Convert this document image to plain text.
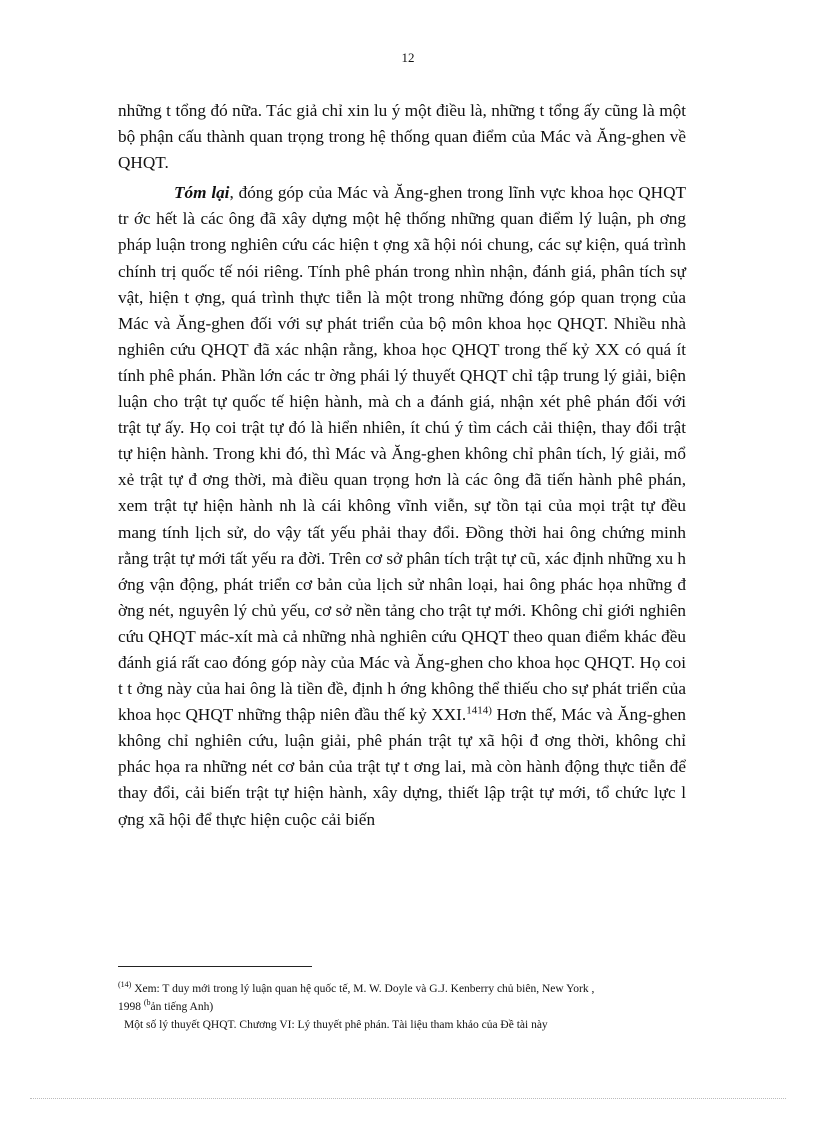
12

những t tổng đó nữa. Tác giả chỉ xin lu ý một điều là, những t tổng ấy cũng là một bộ phận cấu thành quan trọng trong hệ thống quan điểm của Mác và Ăng-ghen về QHQT.

Tóm lại, đóng góp của Mác và Ăng-ghen trong lĩnh vực khoa học QHQT tr ớc hết là các ông đã xây dựng một hệ thống những quan điểm lý luận, ph ơng pháp luận trong nghiên cứu các hiện t ợng xã hội nói chung, các sự kiện, quá trình chính trị quốc tế nói riêng. Tính phê phán trong nhìn nhận, đánh giá, phân tích sự vật, hiện t ợng, quá trình thực tiễn là một trong những đóng góp quan trọng của Mác và Ăng-ghen đối với sự phát triển của bộ môn khoa học QHQT. Nhiều nhà nghiên cứu QHQT đã xác nhận rằng, khoa học QHQT trong thế kỷ XX có quá ít tính phê phán. Phần lớn các tr ờng phái lý thuyết QHQT chỉ tập trung lý giải, biện luận cho trật tự quốc tế hiện hành, mà ch a đánh giá, nhận xét phê phán đối với trật tự ấy. Họ coi trật tự đó là hiển nhiên, ít chú ý tìm cách cải thiện, thay đổi trật tự hiện hành. Trong khi đó, thì Mác và Ăng-ghen không chỉ phân tích, lý giải, mổ xẻ trật tự đ ơng thời, mà điều quan trọng hơn là các ông đã tiến hành phê phán, xem trật tự hiện hành nh là cái không vĩnh viễn, sự tồn tại của mọi trật tự đều mang tính lịch sử, do vậy tất yếu phải thay đổi. Đồng thời hai ông chứng minh rằng trật tự mới tất yếu ra đời. Trên cơ sở phân tích trật tự cũ, xác định những xu h ớng vận động, phát triển cơ bản của lịch sử nhân loại, hai ông phác họa những đ ờng nét, nguyên lý chủ yếu, cơ sở nền tảng cho trật tự mới. Không chỉ giới nghiên cứu QHQT mác-xít mà cả những nhà nghiên cứu QHQT theo quan điểm khác đều đánh giá rất cao đóng góp này của Mác và Ăng-ghen cho khoa học QHQT. Họ coi t t ởng này của hai ông là tiền đề, định h ớng không thể thiếu cho sự phát triển của khoa học QHQT những thập niên đầu thế kỷ XXI.$^{1414)}$ Hơn thế, Mác và Ăng-ghen không chỉ nghiên cứu, luận giải, phê phán trật tự xã hội đ ơng thời, không chỉ phác họa ra những nét cơ bản của trật tự t ơng lai, mà còn hành động thực tiễn để thay đổi, cải biến trật tự hiện hành, xây dựng, thiết lập trật tự mới, tổ chức lực l ợng xã hội để thực hiện cuộc cải biến

$^{(14)}$ Xem: T duy mới trong lý luận quan hệ quốc tế, M. W. Doyle và G.J. Kenberry chủ biên, New York ,
1998 $^{(b}$ản tiếng Anh)
Một số lý thuyết QHQT. Chương VI: Lý thuyết phê phán. Tài liệu tham khảo của Đề tài này
